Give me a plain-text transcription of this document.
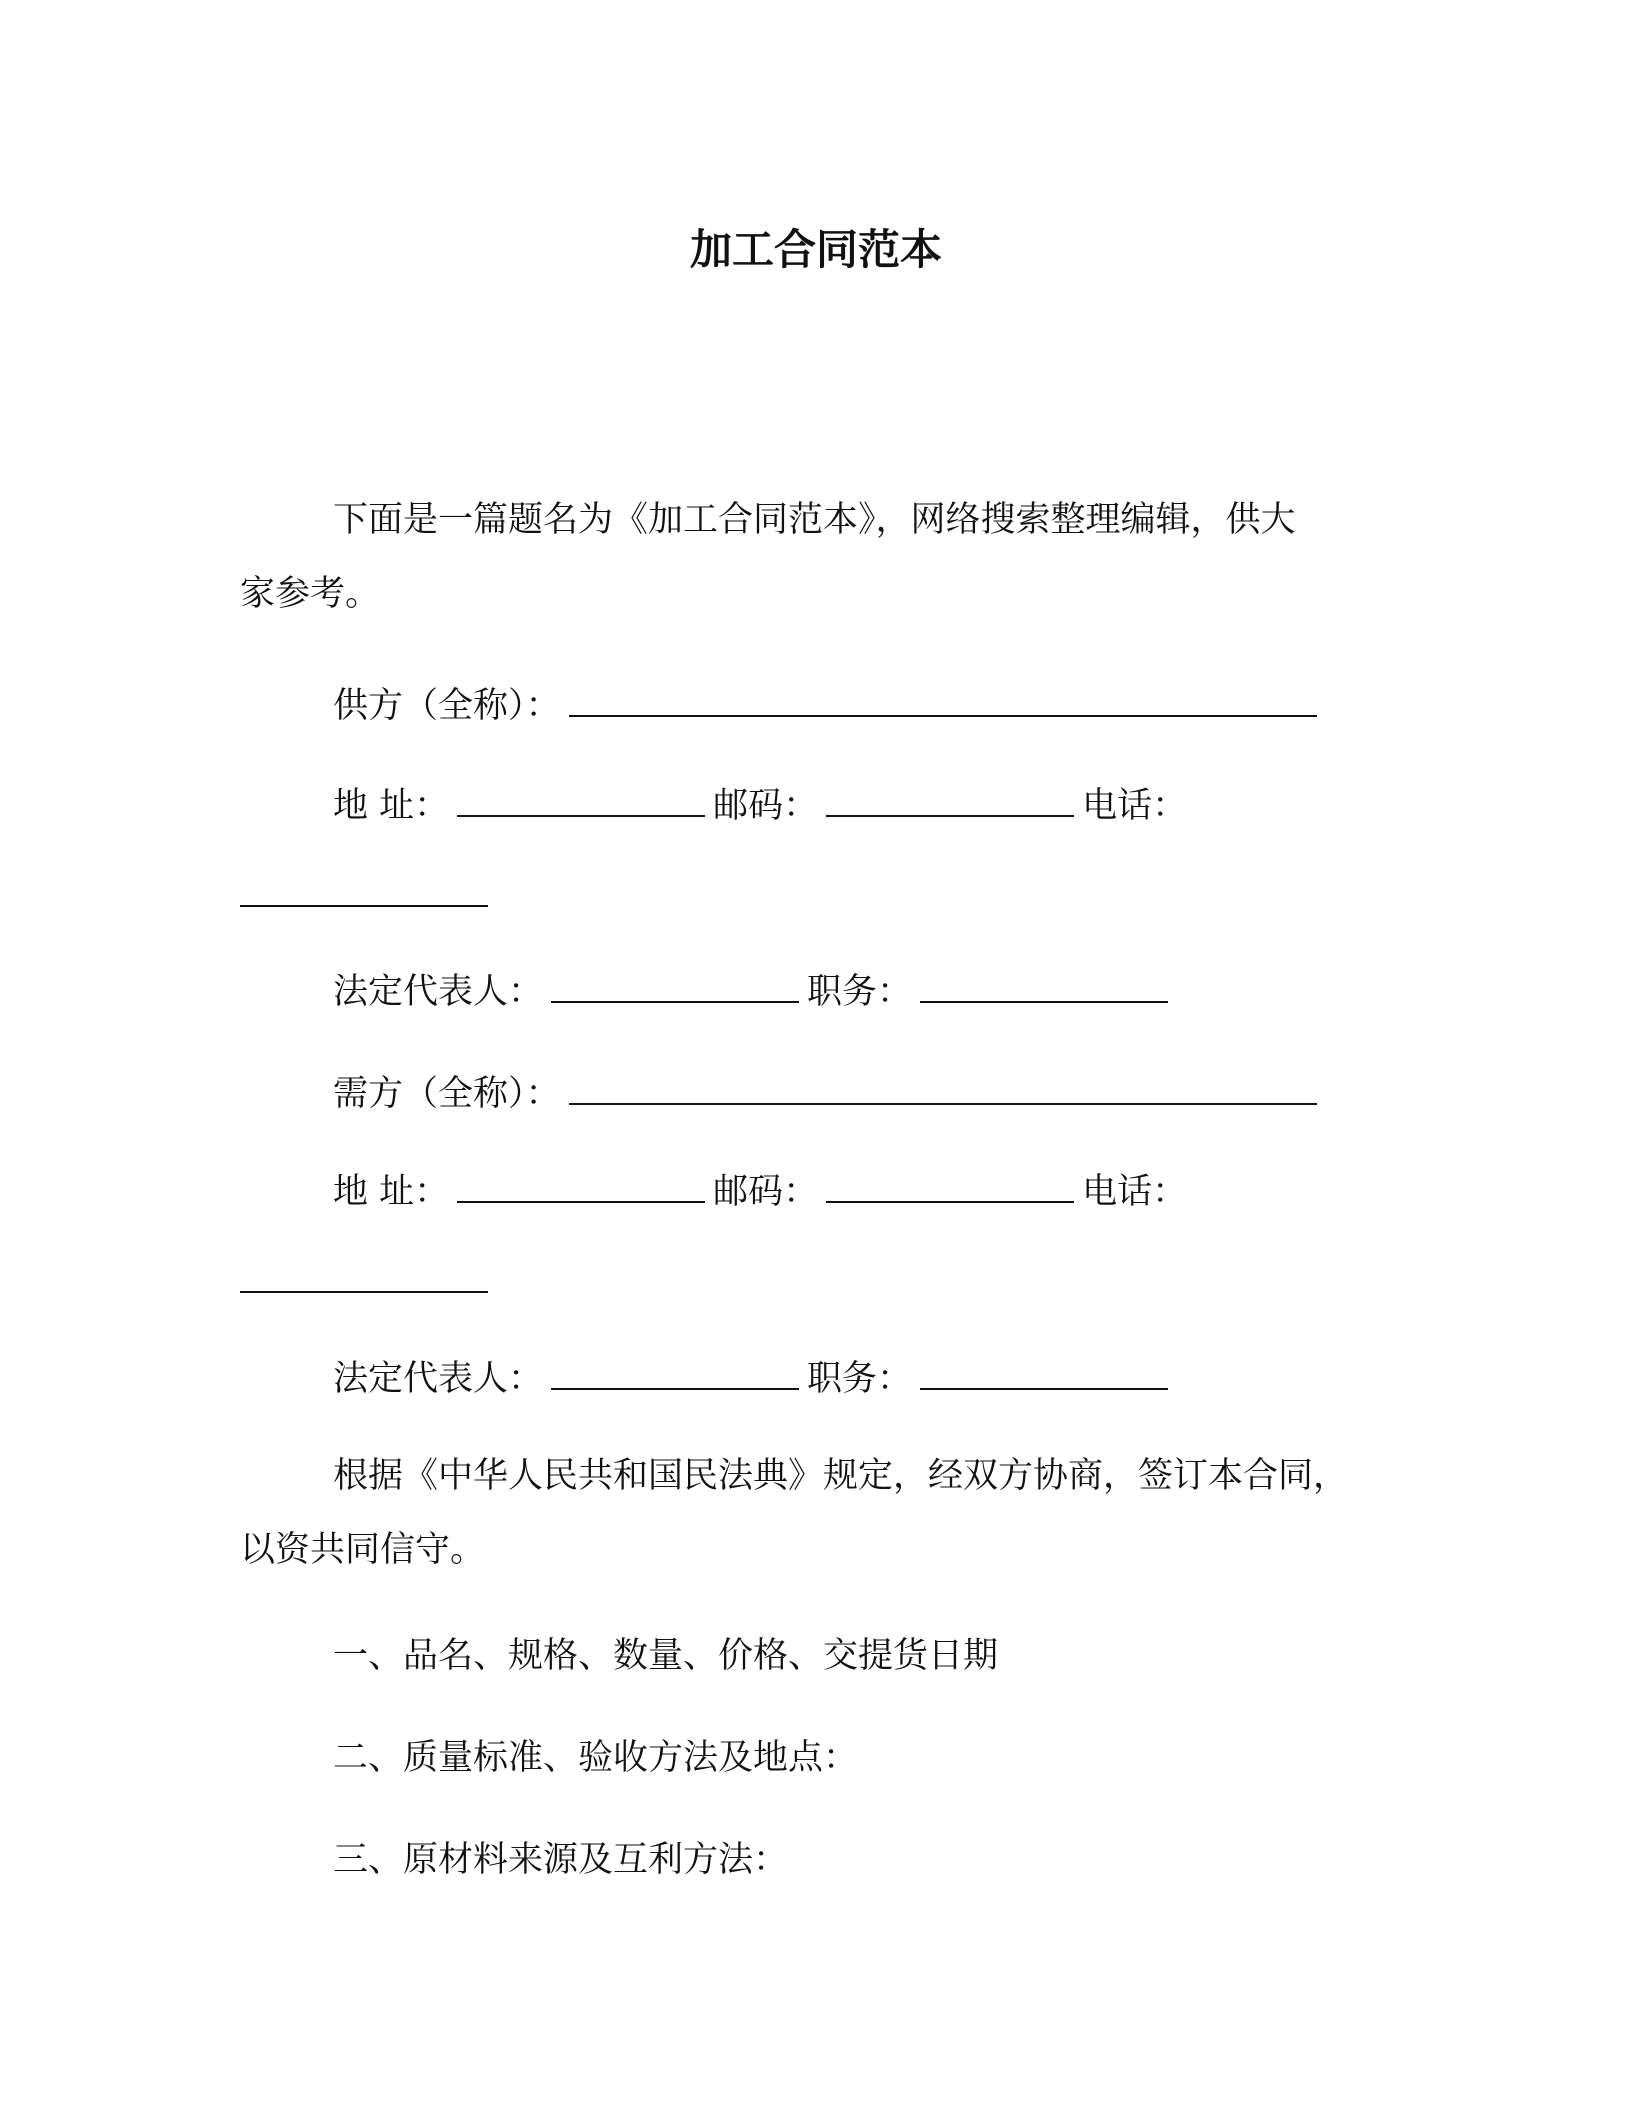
加工合同范本
下面是一篇题名为《加工合同范本》，网络搜索整理编辑，供大
家参考。
供方（全称）：
地 址：	邮码：	电话：
法定代表人：	职务：
需方（全称）：
地 址：	邮码：	电话：
法定代表人：	职务：
根据《中华人民共和国民法典》规定，经双方协商，签订本合同，
以资共同信守。
一、品名、规格、数量、价格、交提货日期
二、质量标准、验收方法及地点：
三、原材料来源及互利方法：
